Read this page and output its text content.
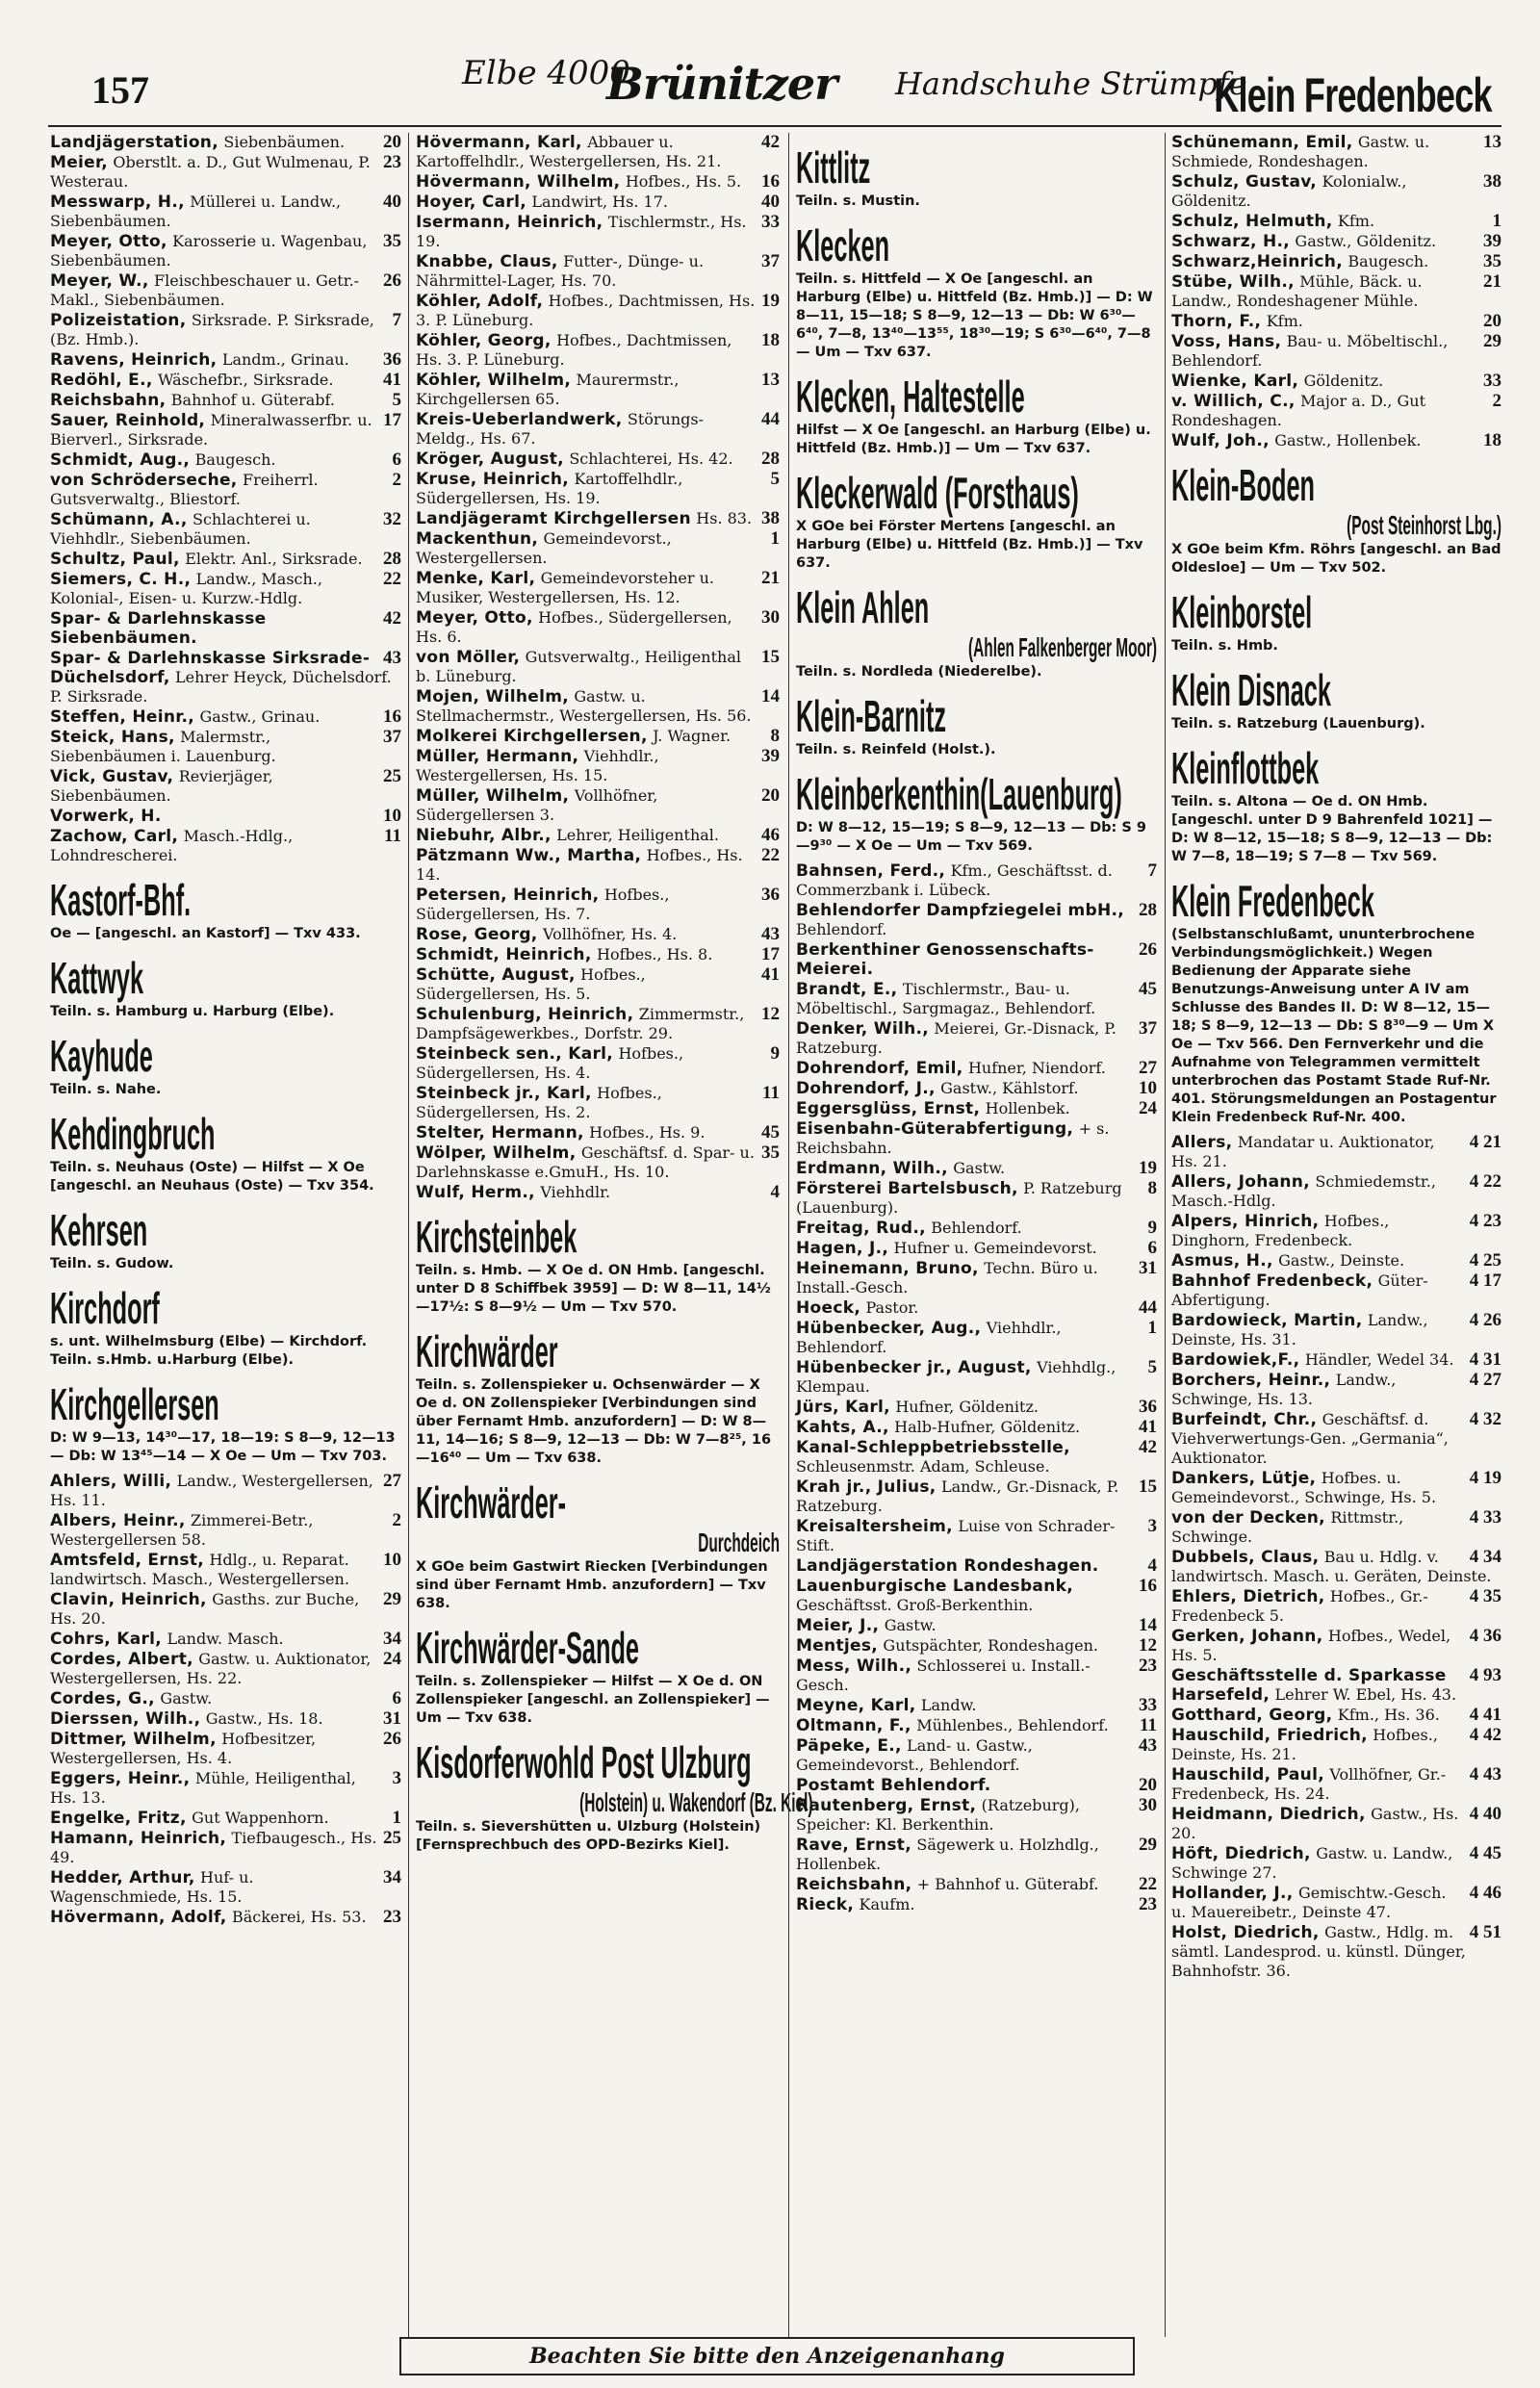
157	Elbe 4000
Brünitzer Handschuhe Strümpfe
Klein Fredenbeck
20
Landjägerstation, Siebenbäumen.
23
Meier, Oberstlt. a. D., Gut Wulmenau, P. Westerau.
40
Messwarp, H., Müllerei u. Landw., Siebenbäumen.
35
Meyer, Otto, Karosserie u. Wagenbau, Siebenbäumen.
26
Meyer, W., Fleischbeschauer u. Getr.-Makl., Siebenbäumen.
7
Polizeistation, Sirksrade. P. Sirksrade, (Bz. Hmb.).
36
Ravens, Heinrich, Landm., Grinau.
41
Redöhl, E., Wäschefbr., Sirksrade.
5
Reichsbahn, Bahnhof u. Güterabf.
17
Sauer, Reinhold, Mineralwasserfbr. u. Bierverl., Sirksrade.
6
Schmidt, Aug., Baugesch.
2
von Schröderseche, Freiherrl. Gutsverwaltg., Bliestorf.
32
Schümann, A., Schlachterei u. Viehhdlr., Siebenbäumen.
28
Schultz, Paul, Elektr. Anl., Sirksrade.
22
Siemers, C. H., Landw., Masch., Kolonial-, Eisen- u. Kurzw.-Hdlg.
42
Spar- & Darlehnskasse Siebenbäumen.
43
Spar- & Darlehnskasse Sirksrade-Düchelsdorf, Lehrer Heyck, Düchelsdorf. P. Sirksrade.
16
Steffen, Heinr., Gastw., Grinau.
37
Steick, Hans, Malermstr., Siebenbäumen i. Lauenburg.
25
Vick, Gustav, Revierjäger, Siebenbäumen.
10
Vorwerk, H.
11
Zachow, Carl, Masch.-Hdlg., Lohndrescherei.
Kastorf-Bhf.
Oe — [angeschl. an Kastorf] — Txv 433.
Kattwyk
Teiln. s. Hamburg u. Harburg (Elbe).
Kayhude
Teiln. s. Nahe.
Kehdingbruch
Teiln. s. Neuhaus (Oste) — Hilfst — X Oe [angeschl. an Neuhaus (Oste) — Txv 354.
Kehrsen
Teiln. s. Gudow.
Kirchdorf
s. unt. Wilhelmsburg (Elbe) — Kirchdorf. Teiln. s.Hmb. u.Harburg (Elbe).
Kirchgellersen
D: W 9—13, 14³⁰—17, 18—19: S 8—9, 12—13 — Db: W 13⁴⁵—14 — X Oe — Um — Txv 703.
27
Ahlers, Willi, Landw., Westergellersen, Hs. 11.
2
Albers, Heinr., Zimmerei-Betr., Westergellersen 58.
10
Amtsfeld, Ernst, Hdlg., u. Reparat. landwirtsch. Masch., Westergellersen.
29
Clavin, Heinrich, Gasths. zur Buche, Hs. 20.
34
Cohrs, Karl, Landw. Masch.
24
Cordes, Albert, Gastw. u. Auktionator, Westergellersen, Hs. 22.
6
Cordes, G., Gastw.
31
Dierssen, Wilh., Gastw., Hs. 18.
26
Dittmer, Wilhelm, Hofbesitzer, Westergellersen, Hs. 4.
3
Eggers, Heinr., Mühle, Heiligenthal, Hs. 13.
1
Engelke, Fritz, Gut Wappenhorn.
25
Hamann, Heinrich, Tiefbaugesch., Hs. 49.
34
Hedder, Arthur, Huf- u. Wagenschmiede, Hs. 15.
23
Hövermann, Adolf, Bäckerei, Hs. 53.
42
Hövermann, Karl, Abbauer u. Kartoffelhdlr., Westergellersen, Hs. 21.
16
Hövermann, Wilhelm, Hofbes., Hs. 5.
40
Hoyer, Carl, Landwirt, Hs. 17.
33
Isermann, Heinrich, Tischlermstr., Hs. 19.
37
Knabbe, Claus, Futter-, Dünge- u. Nährmittel-Lager, Hs. 70.
19
Köhler, Adolf, Hofbes., Dachtmissen, Hs. 3. P. Lüneburg.
18
Köhler, Georg, Hofbes., Dachtmissen, Hs. 3. P. Lüneburg.
13
Köhler, Wilhelm, Maurermstr., Kirchgellersen 65.
44
Kreis-Ueberlandwerk, Störungs-Meldg., Hs. 67.
28
Kröger, August, Schlachterei, Hs. 42.
5
Kruse, Heinrich, Kartoffelhdlr., Südergellersen, Hs. 19.
38
Landjägeramt Kirchgellersen Hs. 83.
1
Mackenthun, Gemeindevorst., Westergellersen.
21
Menke, Karl, Gemeindevorsteher u. Musiker, Westergellersen, Hs. 12.
30
Meyer, Otto, Hofbes., Südergellersen, Hs. 6.
15
von Möller, Gutsverwaltg., Heiligenthal b. Lüneburg.
14
Mojen, Wilhelm, Gastw. u. Stellmachermstr., Westergellersen, Hs. 56.
8
Molkerei Kirchgellersen, J. Wagner.
39
Müller, Hermann, Viehhdlr., Westergellersen, Hs. 15.
20
Müller, Wilhelm, Vollhöfner, Südergellersen 3.
46
Niebuhr, Albr., Lehrer, Heiligenthal.
22
Pätzmann Ww., Martha, Hofbes., Hs. 14.
36
Petersen, Heinrich, Hofbes., Südergellersen, Hs. 7.
43
Rose, Georg, Vollhöfner, Hs. 4.
17
Schmidt, Heinrich, Hofbes., Hs. 8.
41
Schütte, August, Hofbes., Südergellersen, Hs. 5.
12
Schulenburg, Heinrich, Zimmermstr., Dampfsägewerkbes., Dorfstr. 29.
9
Steinbeck sen., Karl, Hofbes., Südergellersen, Hs. 4.
11
Steinbeck jr., Karl, Hofbes., Südergellersen, Hs. 2.
45
Stelter, Hermann, Hofbes., Hs. 9.
35
Wölper, Wilhelm, Geschäftsf. d. Spar- u. Darlehnskasse e.GmuH., Hs. 10.
4
Wulf, Herm., Viehhdlr.
Kirchsteinbek
Teiln. s. Hmb. — X Oe d. ON Hmb. [angeschl. unter D 8 Schiffbek 3959] — D: W 8—11, 14½—17½: S 8—9½ — Um — Txv 570.
Kirchwärder
Teiln. s. Zollenspieker u. Ochsenwärder — X Oe d. ON Zollenspieker [Verbindungen sind über Fernamt Hmb. anzufordern] — D: W 8—11, 14—16; S 8—9, 12—13 — Db: W 7—8²⁵, 16—16⁴⁰ — Um — Txv 638.
Kirchwärder-
Durchdeich
X GOe beim Gastwirt Riecken [Verbindungen sind über Fernamt Hmb. anzufordern] — Txv 638.
Kirchwärder-Sande
Teiln. s. Zollenspieker — Hilfst — X Oe d. ON Zollenspieker [angeschl. an Zollenspieker] — Um — Txv 638.
Kisdorferwohld Post Ulzburg
(Holstein) u. Wakendorf (Bz. Kiel)
Teiln. s. Sievershütten u. Ulzburg (Holstein) [Fernsprechbuch des OPD-Bezirks Kiel].
Kittlitz
Teiln. s. Mustin.
Klecken
Teiln. s. Hittfeld — X Oe [angeschl. an Harburg (Elbe) u. Hittfeld (Bz. Hmb.)] — D: W 8—11, 15—18; S 8—9, 12—13 — Db: W 6³⁰—6⁴⁰, 7—8, 13⁴⁰—13⁵⁵, 18³⁰—19; S 6³⁰—6⁴⁰, 7—8 — Um — Txv 637.
Klecken, Haltestelle
Hilfst — X Oe [angeschl. an Harburg (Elbe) u. Hittfeld (Bz. Hmb.)] — Um — Txv 637.
Kleckerwald (Forsthaus)
X GOe bei Förster Mertens [angeschl. an Harburg (Elbe) u. Hittfeld (Bz. Hmb.)] — Txv 637.
Klein Ahlen
(Ahlen Falkenberger Moor)
Teiln. s. Nordleda (Niederelbe).
Klein-Barnitz
Teiln. s. Reinfeld (Holst.).
Kleinberkenthin(Lauenburg)
D: W 8—12, 15—19; S 8—9, 12—13 — Db: S 9—9³⁰ — X Oe — Um — Txv 569.
7
Bahnsen, Ferd., Kfm., Geschäftsst. d. Commerzbank i. Lübeck.
28
Behlendorfer Dampfziegelei mbH., Behlendorf.
26
Berkenthiner Genossenschafts-Meierei.
45
Brandt, E., Tischlermstr., Bau- u. Möbeltischl., Sargmagaz., Behlendorf.
37
Denker, Wilh., Meierei, Gr.-Disnack, P. Ratzeburg.
27
Dohrendorf, Emil, Hufner, Niendorf.
10
Dohrendorf, J., Gastw., Kählstorf.
24
Eggersglüss, Ernst, Hollenbek.
Eisenbahn-Güterabfertigung, + s. Reichsbahn.
19
Erdmann, Wilh., Gastw.
8
Försterei Bartelsbusch, P. Ratzeburg (Lauenburg).
9
Freitag, Rud., Behlendorf.
6
Hagen, J., Hufner u. Gemeindevorst.
31
Heinemann, Bruno, Techn. Büro u. Install.-Gesch.
44
Hoeck, Pastor.
1
Hübenbecker, Aug., Viehhdlr., Behlendorf.
5
Hübenbecker jr., August, Viehhdlg., Klempau.
36
Jürs, Karl, Hufner, Göldenitz.
41
Kahts, A., Halb-Hufner, Göldenitz.
42
Kanal-Schleppbetriebsstelle, Schleusenmstr. Adam, Schleuse.
15
Krah jr., Julius, Landw., Gr.-Disnack, P. Ratzeburg.
3
Kreisaltersheim, Luise von Schrader-Stift.
4
Landjägerstation Rondeshagen.
16
Lauenburgische Landesbank, Geschäftsst. Groß-Berkenthin.
14
Meier, J., Gastw.
12
Mentjes, Gutspächter, Rondeshagen.
23
Mess, Wilh., Schlosserei u. Install.-Gesch.
33
Meyne, Karl, Landw.
11
Oltmann, F., Mühlenbes., Behlendorf.
43
Päpeke, E., Land- u. Gastw., Gemeindevorst., Behlendorf.
20
Postamt Behlendorf.
30
Rautenberg, Ernst, (Ratzeburg), Speicher: Kl. Berkenthin.
29
Rave, Ernst, Sägewerk u. Holzhdlg., Hollenbek.
22
Reichsbahn, + Bahnhof u. Güterabf.
23
Rieck, Kaufm.
13
Schünemann, Emil, Gastw. u. Schmiede, Rondeshagen.
38
Schulz, Gustav, Kolonialw., Göldenitz.
1
Schulz, Helmuth, Kfm.
39
Schwarz, H., Gastw., Göldenitz.
35
Schwarz,Heinrich, Baugesch.
21
Stübe, Wilh., Mühle, Bäck. u. Landw., Rondeshagener Mühle.
20
Thorn, F., Kfm.
29
Voss, Hans, Bau- u. Möbeltischl., Behlendorf.
33
Wienke, Karl, Göldenitz.
2
v. Willich, C., Major a. D., Gut Rondeshagen.
18
Wulf, Joh., Gastw., Hollenbek.
Klein-Boden
(Post Steinhorst Lbg.)
X GOe beim Kfm. Röhrs [angeschl. an Bad Oldesloe] — Um — Txv 502.
Kleinborstel
Teiln. s. Hmb.
Klein Disnack
Teiln. s. Ratzeburg (Lauenburg).
Kleinflottbek
Teiln. s. Altona — Oe d. ON Hmb. [angeschl. unter D 9 Bahrenfeld 1021] — D: W 8—12, 15—18; S 8—9, 12—13 — Db: W 7—8, 18—19; S 7—8 — Txv 569.
Klein Fredenbeck
(Selbstanschlußamt, ununterbrochene Verbindungsmöglichkeit.) Wegen Bedienung der Apparate siehe Benutzungs-Anweisung unter A IV am Schlusse des Bandes II. D: W 8—12, 15—18; S 8—9, 12—13 — Db: S 8³⁰—9 — Um X Oe — Txv 566. Den Fernverkehr und die Aufnahme von Telegrammen vermittelt unterbrochen das Postamt Stade Ruf-Nr. 401. Störungsmeldungen an Postagentur Klein Fredenbeck Ruf-Nr. 400.
4 21
Allers, Mandatar u. Auktionator, Hs. 21.
4 22
Allers, Johann, Schmiedemstr., Masch.-Hdlg.
4 23
Alpers, Hinrich, Hofbes., Dinghorn, Fredenbeck.
4 25
Asmus, H., Gastw., Deinste.
4 17
Bahnhof Fredenbeck, Güter-Abfertigung.
4 26
Bardowieck, Martin, Landw., Deinste, Hs. 31.
4 31
Bardowiek,F., Händler, Wedel 34.
4 27
Borchers, Heinr., Landw., Schwinge, Hs. 13.
4 32
Burfeindt, Chr., Geschäftsf. d. Viehverwertungs-Gen. „Germania“, Auktionator.
4 19
Dankers, Lütje, Hofbes. u. Gemeindevorst., Schwinge, Hs. 5.
4 33
von der Decken, Rittmstr., Schwinge.
4 34
Dubbels, Claus, Bau u. Hdlg. v. landwirtsch. Masch. u. Geräten, Deinste.
4 35
Ehlers, Dietrich, Hofbes., Gr.-Fredenbeck 5.
4 36
Gerken, Johann, Hofbes., Wedel, Hs. 5.
4 93
Geschäftsstelle d. Sparkasse Harsefeld, Lehrer W. Ebel, Hs. 43.
4 41
Gotthard, Georg, Kfm., Hs. 36.
4 42
Hauschild, Friedrich, Hofbes., Deinste, Hs. 21.
4 43
Hauschild, Paul, Vollhöfner, Gr.-Fredenbeck, Hs. 24.
4 40
Heidmann, Diedrich, Gastw., Hs. 20.
4 45
Höft, Diedrich, Gastw. u. Landw., Schwinge 27.
4 46
Hollander, J., Gemischtw.-Gesch. u. Mauereibetr., Deinste 47.
4 51
Holst, Diedrich, Gastw., Hdlg. m. sämtl. Landesprod. u. künstl. Dünger, Bahnhofstr. 36.
Beachten Sie bitte den Anzeigenanhang
